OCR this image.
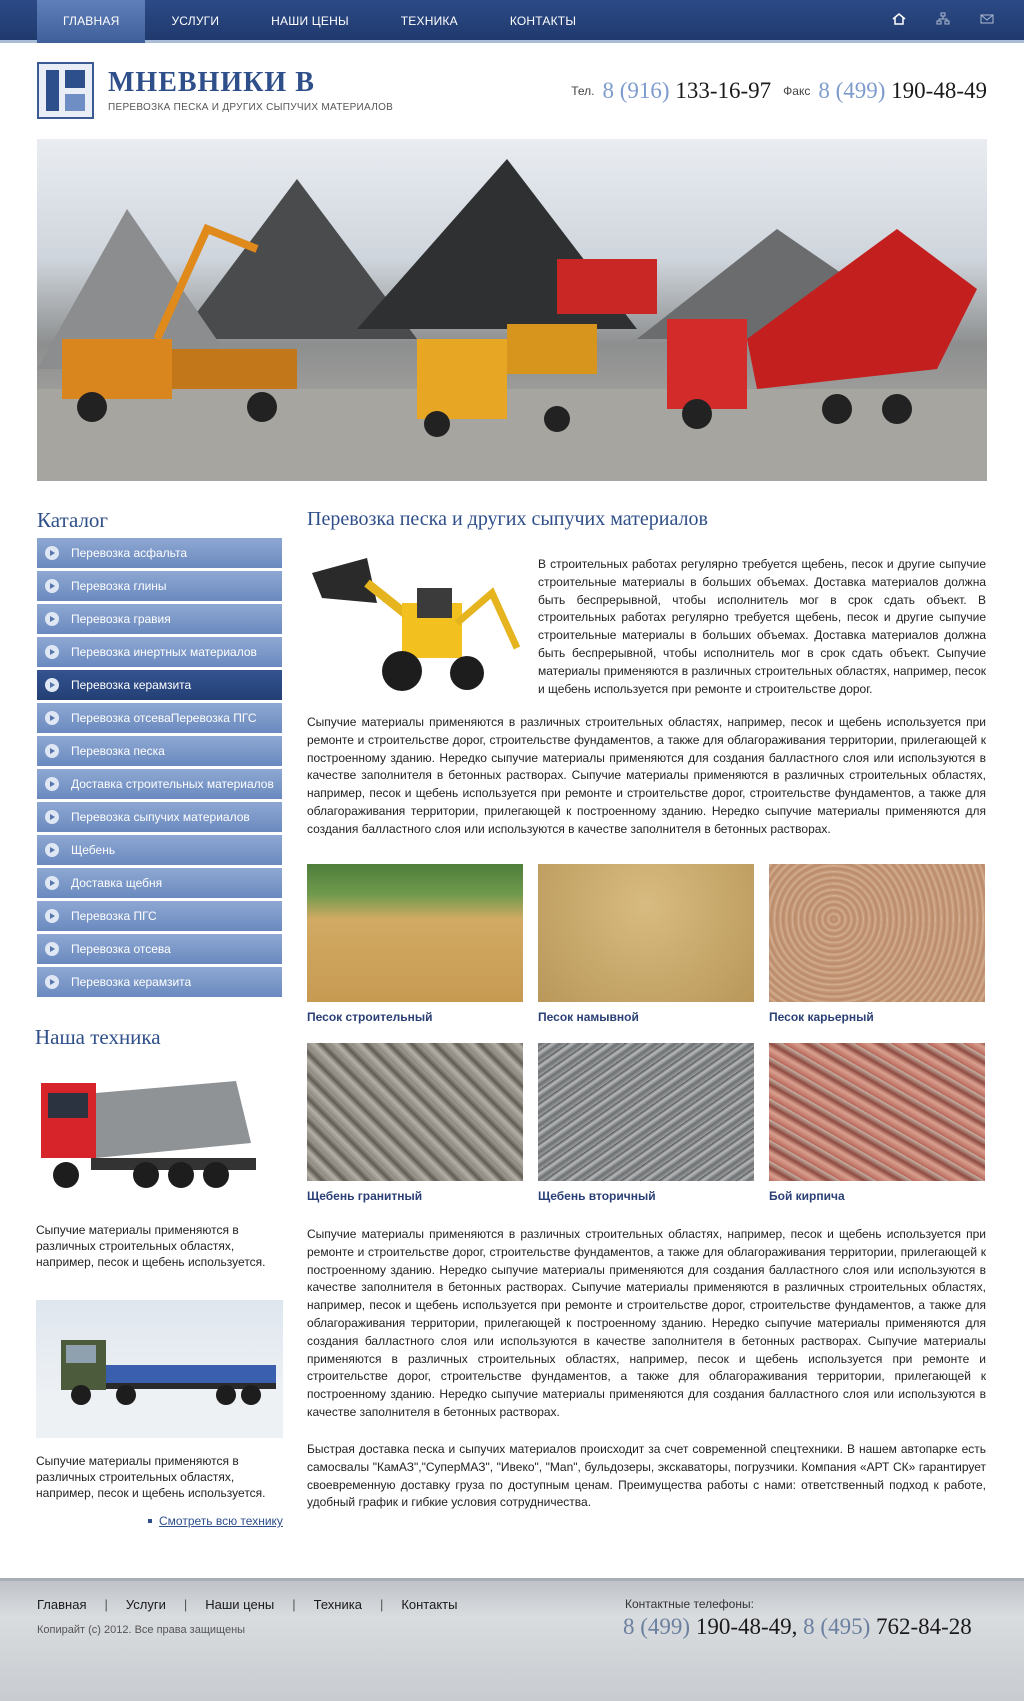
ГЛАВНАЯ	УСЛУГИ	НАШИ ЦЕНЫ	ТЕХНИКА	КОНТАКТЫ
МНЕВНИКИ В
ПЕРЕВОЗКА ПЕСКА И ДРУГИХ СЫПУЧИХ МАТЕРИАЛОВ
Тел. 8 (916) 133-16-97 Факс 8 (499) 190-48-49
Каталог
Перевозка асфальта
Перевозка глины
Перевозка гравия
Перевозка инертных материалов
Перевозка керамзита
Перевозка отсеваПеревозка ПГС
Перевозка песка
Доставка строительных материалов
Перевозка сыпучих материалов
Щебень
Доставка щебня
Перевозка ПГС
Перевозка отсева
Перевозка керамзита
Наша техника
Сыпучие материалы применяются в различных строительных областях, например, песок и щебень используется.
Сыпучие материалы применяются в различных строительных областях, например, песок и щебень используется.
Смотреть всю технику
Перевозка песка и других сыпучих материалов
В строительных работах регулярно требуется щебень, песок и другие сыпучие строительные материалы в больших объемах. Доставка материалов должна быть беспрерывной, чтобы исполнитель мог в срок сдать объект. В строительных работах регулярно требуется щебень, песок и другие сыпучие строительные материалы в больших объемах. Доставка материалов должна быть беспрерывной, чтобы исполнитель мог в срок сдать объект. Сыпучие материалы применяются в различных строительных областях, например, песок и щебень используется при ремонте и строительстве дорог.
Сыпучие материалы применяются в различных строительных областях, например, песок и щебень используется при ремонте и строительстве дорог, строительстве фундаментов, а также для облагораживания территории, прилегающей к построенному зданию. Нередко сыпучие материалы применяются для создания балластного слоя или используются в качестве заполнителя в бетонных растворах. Сыпучие материалы применяются в различных строительных областях, например, песок и щебень используется при ремонте и строительстве дорог, строительстве фундаментов, а также для облагораживания территории, прилегающей к построенному зданию. Нередко сыпучие материалы применяются для создания балластного слоя или используются в качестве заполнителя в бетонных растворах.
Песок строительный	Песок намывной	Песок карьерный
Щебень гранитный	Щебень вторичный	Бой кирпича
Сыпучие материалы применяются в различных строительных областях, например, песок и щебень используется при ремонте и строительстве дорог, строительстве фундаментов, а также для облагораживания территории, прилегающей к построенному зданию. Нередко сыпучие материалы применяются для создания балластного слоя или используются в качестве заполнителя в бетонных растворах. Сыпучие материалы применяются в различных строительных областях, например, песок и щебень используется при ремонте и строительстве дорог, строительстве фундаментов, а также для облагораживания территории, прилегающей к построенному зданию. Нередко сыпучие материалы применяются для создания балластного слоя или используются в качестве заполнителя в бетонных растворах. Сыпучие материалы применяются в различных строительных областях, например, песок и щебень используется при ремонте и строительстве дорог, строительстве фундаментов, а также для облагораживания территории, прилегающей к построенному зданию. Нередко сыпучие материалы применяются для создания балластного слоя или используются в качестве заполнителя в бетонных растворах.
Быстрая доставка песка и сыпучих материалов происходит за счет современной спецтехники. В нашем автопарке есть самосвалы "КамАЗ","СуперМАЗ", "Ивеко", "Man", бульдозеры, экскаваторы, погрузчики. Компания «АРТ СК» гарантирует своевременную доставку груза по доступным ценам. Преимущества работы с нами: ответственный подход к работе, удобный график и гибкие условия сотрудничества.
Главная | Услуги | Наши цены | Техника | Контакты
Копирайт (с) 2012. Все права защищены
Контактные телефоны:
8 (499) 190-48-49, 8 (495) 762-84-28
